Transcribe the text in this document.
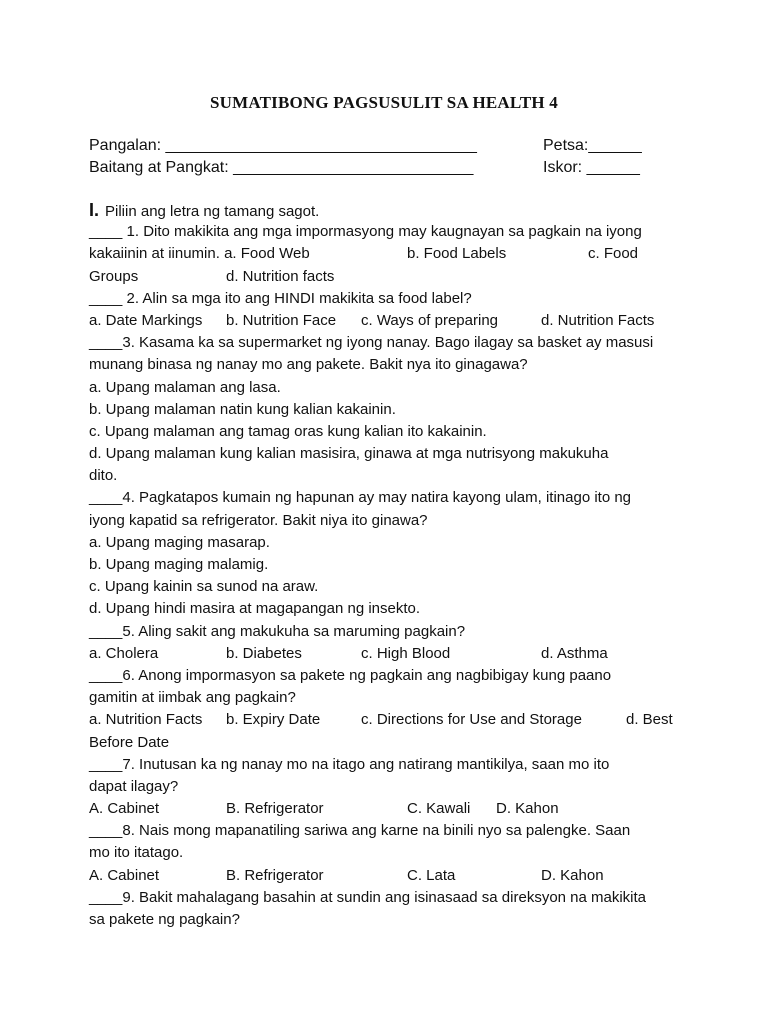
SUMATIBONG PAGSUSULIT SA HEALTH 4
Pangalan: ___________________________________
Baitang at Pangkat: ___________________________
Petsa:______
Iskor: ______
I. Piliin ang letra ng tamang sagot.
____ 1. Dito makikita ang mga impormasyong may kaugnayan sa pagkain na iyong
kakaiinin at iinumin. a. Food Web	b. Food Labels	c. Food
Groups	d. Nutrition facts
____ 2. Alin sa mga ito ang HINDI makikita sa food label?
a. Date Markings b. Nutrition Face c. Ways of preparing	d. Nutrition Facts
____3. Kasama ka sa supermarket ng iyong nanay. Bago ilagay sa basket ay masusi
munang binasa ng nanay mo ang pakete. Bakit nya ito ginagawa?
a. Upang malaman ang lasa.
b. Upang malaman natin kung kalian kakainin.
c. Upang malaman ang tamag oras kung kalian ito kakainin.
d. Upang malaman kung kalian masisira, ginawa at mga nutrisyong makukuha
dito.
____4. Pagkatapos kumain ng hapunan ay may natira kayong ulam, itinago ito ng
iyong kapatid sa refrigerator. Bakit niya ito ginawa?
a. Upang maging masarap.
b. Upang maging malamig.
c. Upang kainin sa sunod na araw.
d. Upang hindi masira at magapangan ng insekto.
____5. Aling sakit ang makukuha sa maruming pagkain?
a. Cholera	b. Diabetes	c. High Blood	d. Asthma
____6. Anong impormasyon sa pakete ng pagkain ang nagbibigay kung paano
gamitin at iimbak ang pagkain?
a. Nutrition Facts b. Expiry Date	c. Directions for Use and Storage	d. Best
Before Date
____7. Inutusan ka ng nanay mo na itago ang natirang mantikilya, saan mo ito
dapat ilagay?
A. Cabinet	B. Refrigerator	C. Kawali D. Kahon
____8. Nais mong mapanatiling sariwa ang karne na binili nyo sa palengke. Saan
mo ito itatago.
A. Cabinet	B. Refrigerator	C. Lata	D. Kahon
____9. Bakit mahalagang basahin at sundin ang isinasaad sa direksyon na makikita
sa pakete ng pagkain?
